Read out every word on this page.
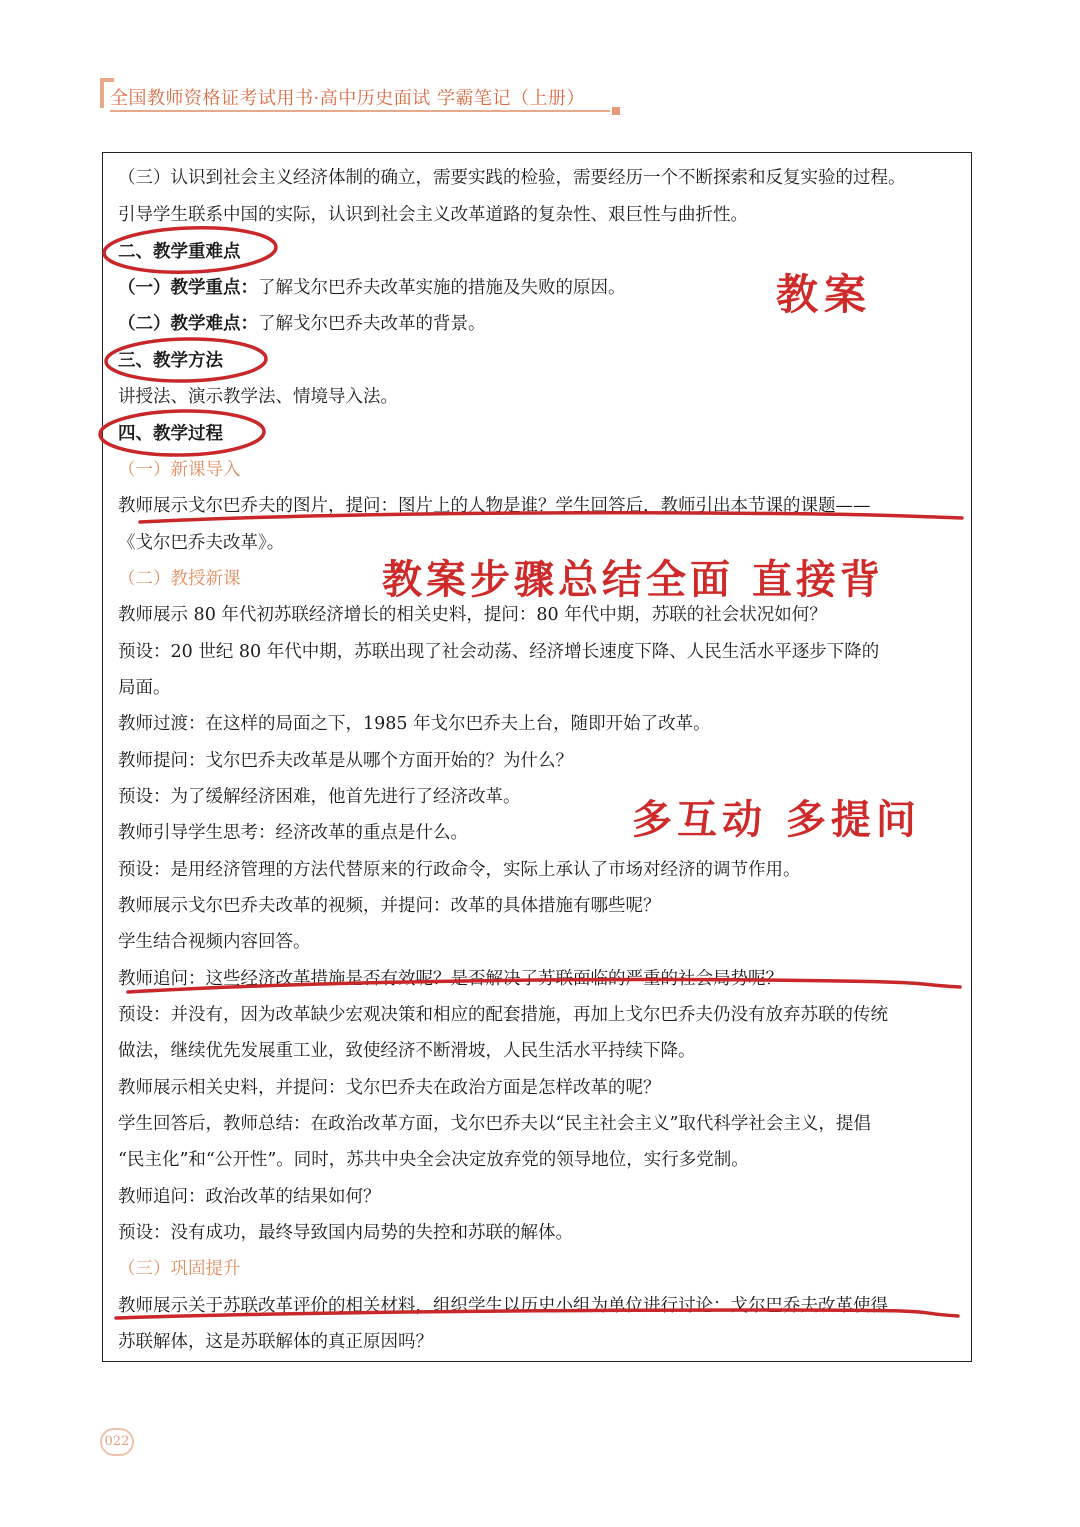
全国教师资格证考试用书·高中历史面试 学霸笔记（上册）
（三）认识到社会主义经济体制的确立，需要实践的检验，需要经历一个不断探索和反复实验的过程。
引导学生联系中国的实际，认识到社会主义改革道路的复杂性、艰巨性与曲折性。
二、教学重难点
（一）教学重点：了解戈尔巴乔夫改革实施的措施及失败的原因。
（二）教学难点：了解戈尔巴乔夫改革的背景。
三、教学方法
讲授法、演示教学法、情境导入法。
四、教学过程
（一）新课导入
教师展示戈尔巴乔夫的图片，提问：图片上的人物是谁？学生回答后，教师引出本节课的课题——
《戈尔巴乔夫改革》。
（二）教授新课
教师展示 80 年代初苏联经济增长的相关史料，提问：80 年代中期，苏联的社会状况如何？
预设：20 世纪 80 年代中期，苏联出现了社会动荡、经济增长速度下降、人民生活水平逐步下降的
局面。
教师过渡：在这样的局面之下，1985 年戈尔巴乔夫上台，随即开始了改革。
教师提问：戈尔巴乔夫改革是从哪个方面开始的？为什么？
预设：为了缓解经济困难，他首先进行了经济改革。
教师引导学生思考：经济改革的重点是什么。
预设：是用经济管理的方法代替原来的行政命令，实际上承认了市场对经济的调节作用。
教师展示戈尔巴乔夫改革的视频，并提问：改革的具体措施有哪些呢？
学生结合视频内容回答。
教师追问：这些经济改革措施是否有效呢？是否解决了苏联面临的严重的社会局势呢？
预设：并没有，因为改革缺少宏观决策和相应的配套措施，再加上戈尔巴乔夫仍没有放弃苏联的传统
做法，继续优先发展重工业，致使经济不断滑坡，人民生活水平持续下降。
教师展示相关史料，并提问：戈尔巴乔夫在政治方面是怎样改革的呢？
学生回答后，教师总结：在政治改革方面，戈尔巴乔夫以“民主社会主义”取代科学社会主义，提倡
“民主化”和“公开性”。同时，苏共中央全会决定放弃党的领导地位，实行多党制。
教师追问：政治改革的结果如何？
预设：没有成功，最终导致国内局势的失控和苏联的解体。
（三）巩固提升
教师展示关于苏联改革评价的相关材料，组织学生以历史小组为单位进行讨论：戈尔巴乔夫改革使得
苏联解体，这是苏联解体的真正原因吗？
教案
教案步骤总结全面 直接背
多互动 多提问
022
